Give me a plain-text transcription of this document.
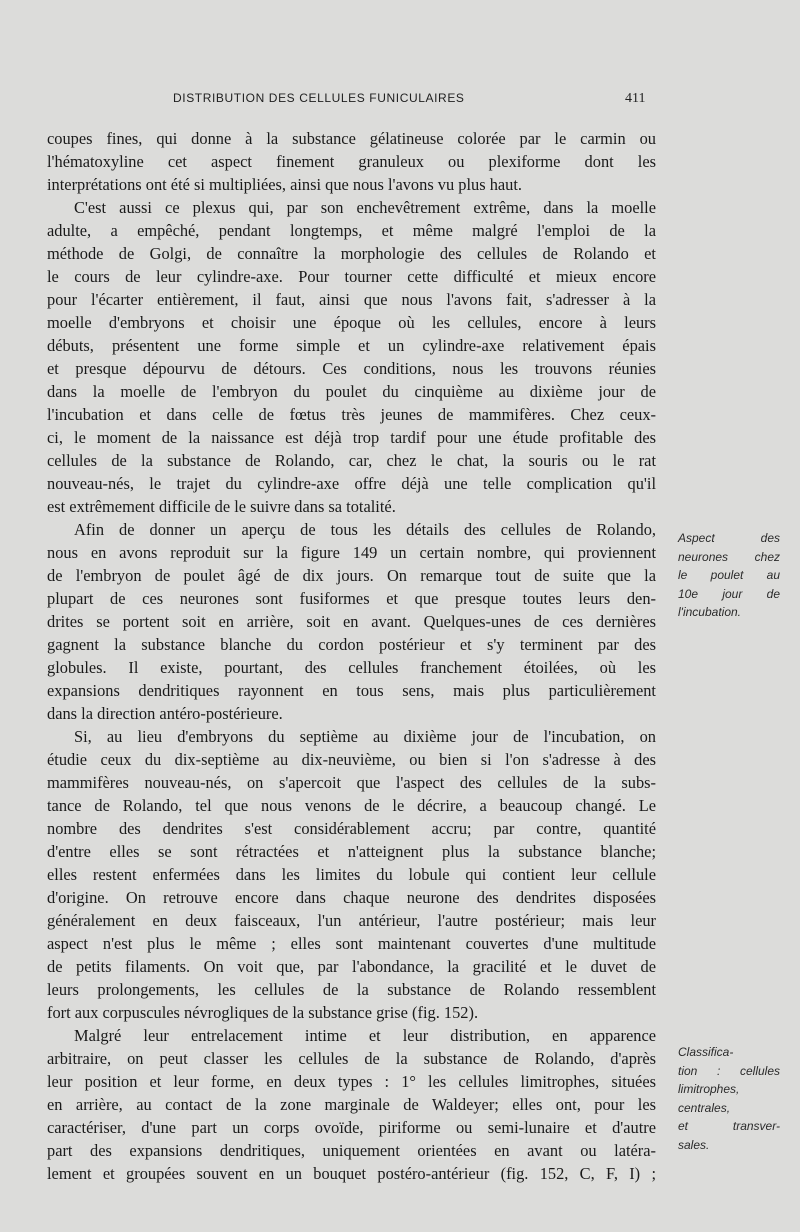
DISTRIBUTION DES CELLULES FUNICULAIRES	411
coupes fines, qui donne à la substance gélatineuse colorée par le carmin ou
l'hématoxyline cet aspect finement granuleux ou plexiforme dont les
interprétations ont été si multipliées, ainsi que nous l'avons vu plus haut.
C'est aussi ce plexus qui, par son enchevêtrement extrême, dans la moelle
adulte, a empêché, pendant longtemps, et même malgré l'emploi de la
méthode de Golgi, de connaître la morphologie des cellules de Rolando et
le cours de leur cylindre-axe. Pour tourner cette difficulté et mieux encore
pour l'écarter entièrement, il faut, ainsi que nous l'avons fait, s'adresser à la
moelle d'embryons et choisir une époque où les cellules, encore à leurs
débuts, présentent une forme simple et un cylindre-axe relativement épais
et presque dépourvu de détours. Ces conditions, nous les trouvons réunies
dans la moelle de l'embryon du poulet du cinquième au dixième jour de
l'incubation et dans celle de fœtus très jeunes de mammifères. Chez ceux-
ci, le moment de la naissance est déjà trop tardif pour une étude profitable des
cellules de la substance de Rolando, car, chez le chat, la souris ou le rat
nouveau-nés, le trajet du cylindre-axe offre déjà une telle complication qu'il
est extrêmement difficile de le suivre dans sa totalité.
Afin de donner un aperçu de tous les détails des cellules de Rolando,
nous en avons reproduit sur la figure 149 un certain nombre, qui proviennent
de l'embryon de poulet âgé de dix jours. On remarque tout de suite que la
plupart de ces neurones sont fusiformes et que presque toutes leurs den-
drites se portent soit en arrière, soit en avant. Quelques-unes de ces dernières
gagnent la substance blanche du cordon postérieur et s'y terminent par des
globules. Il existe, pourtant, des cellules franchement étoilées, où les
expansions dendritiques rayonnent en tous sens, mais plus particulièrement
dans la direction antéro-postérieure.
Si, au lieu d'embryons du septième au dixième jour de l'incubation, on
étudie ceux du dix-septième au dix-neuvième, ou bien si l'on s'adresse à des
mammifères nouveau-nés, on s'apercoit que l'aspect des cellules de la subs-
tance de Rolando, tel que nous venons de le décrire, a beaucoup changé. Le
nombre des dendrites s'est considérablement accru; par contre, quantité
d'entre elles se sont rétractées et n'atteignent plus la substance blanche;
elles restent enfermées dans les limites du lobule qui contient leur cellule
d'origine. On retrouve encore dans chaque neurone des dendrites disposées
généralement en deux faisceaux, l'un antérieur, l'autre postérieur; mais leur
aspect n'est plus le même ; elles sont maintenant couvertes d'une multitude
de petits filaments. On voit que, par l'abondance, la gracilité et le duvet de
leurs prolongements, les cellules de la substance de Rolando ressemblent
fort aux corpuscules névrogliques de la substance grise (fig. 152).
Malgré leur entrelacement intime et leur distribution, en apparence
arbitraire, on peut classer les cellules de la substance de Rolando, d'après
leur position et leur forme, en deux types : 1° les cellules limitrophes, situées
en arrière, au contact de la zone marginale de Waldeyer; elles ont, pour les
caractériser, d'une part un corps ovoïde, piriforme ou semi-lunaire et d'autre
part des expansions dendritiques, uniquement orientées en avant ou latéra-
lement et groupées souvent en un bouquet postéro-antérieur (fig. 152, C, F, I) ;
Aspect des
neurones chez
le poulet au
10e jour de
l'incubation.
Classifica-
tion : cellules
limitrophes,
centrales,
et transver-
sales.
